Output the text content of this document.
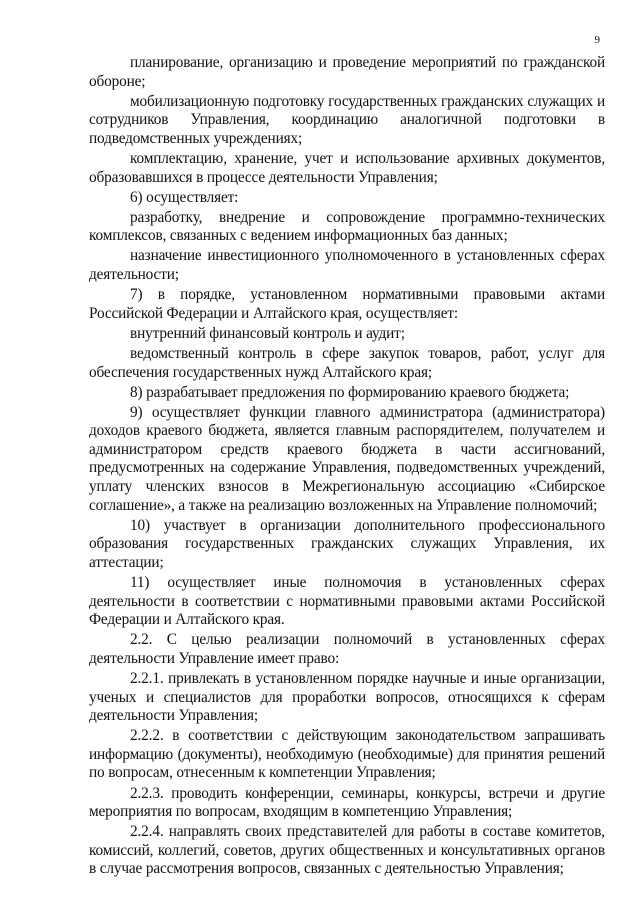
9

планирование, организацию и проведение мероприятий по гражданской обороне;

мобилизационную подготовку государственных гражданских служащих и сотрудников Управления, координацию аналогичной подготовки в подведомственных учреждениях;

комплектацию, хранение, учет и использование архивных документов, образовавшихся в процессе деятельности Управления;

6) осуществляет:

разработку, внедрение и сопровождение программно-технических комплексов, связанных с ведением информационных баз данных;

назначение инвестиционного уполномоченного в установленных сферах деятельности;

7) в порядке, установленном нормативными правовыми актами Российской Федерации и Алтайского края, осуществляет:

внутренний финансовый контроль и аудит;

ведомственный контроль в сфере закупок товаров, работ, услуг для обеспечения государственных нужд Алтайского края;

8) разрабатывает предложения по формированию краевого бюджета;

9) осуществляет функции главного администратора (администратора) доходов краевого бюджета, является главным распорядителем, получателем и администратором средств краевого бюджета в части ассигнований, предусмотренных на содержание Управления, подведомственных учреждений, уплату членских взносов в Межрегиональную ассоциацию «Сибирское соглашение», а также на реализацию возложенных на Управление полномочий;

10) участвует в организации дополнительного профессионального образования государственных гражданских служащих Управления, их аттестации;

11) осуществляет иные полномочия в установленных сферах деятельности в соответствии с нормативными правовыми актами Российской Федерации и Алтайского края.

2.2. С целью реализации полномочий в установленных сферах деятельности Управление имеет право:

2.2.1. привлекать в установленном порядке научные и иные организации, ученых и специалистов для проработки вопросов, относящихся к сферам деятельности Управления;

2.2.2. в соответствии с действующим законодательством запрашивать информацию (документы), необходимую (необходимые) для принятия решений по вопросам, отнесенным к компетенции Управления;

2.2.3. проводить конференции, семинары, конкурсы, встречи и другие мероприятия по вопросам, входящим в компетенцию Управления;

2.2.4. направлять своих представителей для работы в составе комитетов, комиссий, коллегий, советов, других общественных и консультативных органов в случае рассмотрения вопросов, связанных с деятельностью Управления;
